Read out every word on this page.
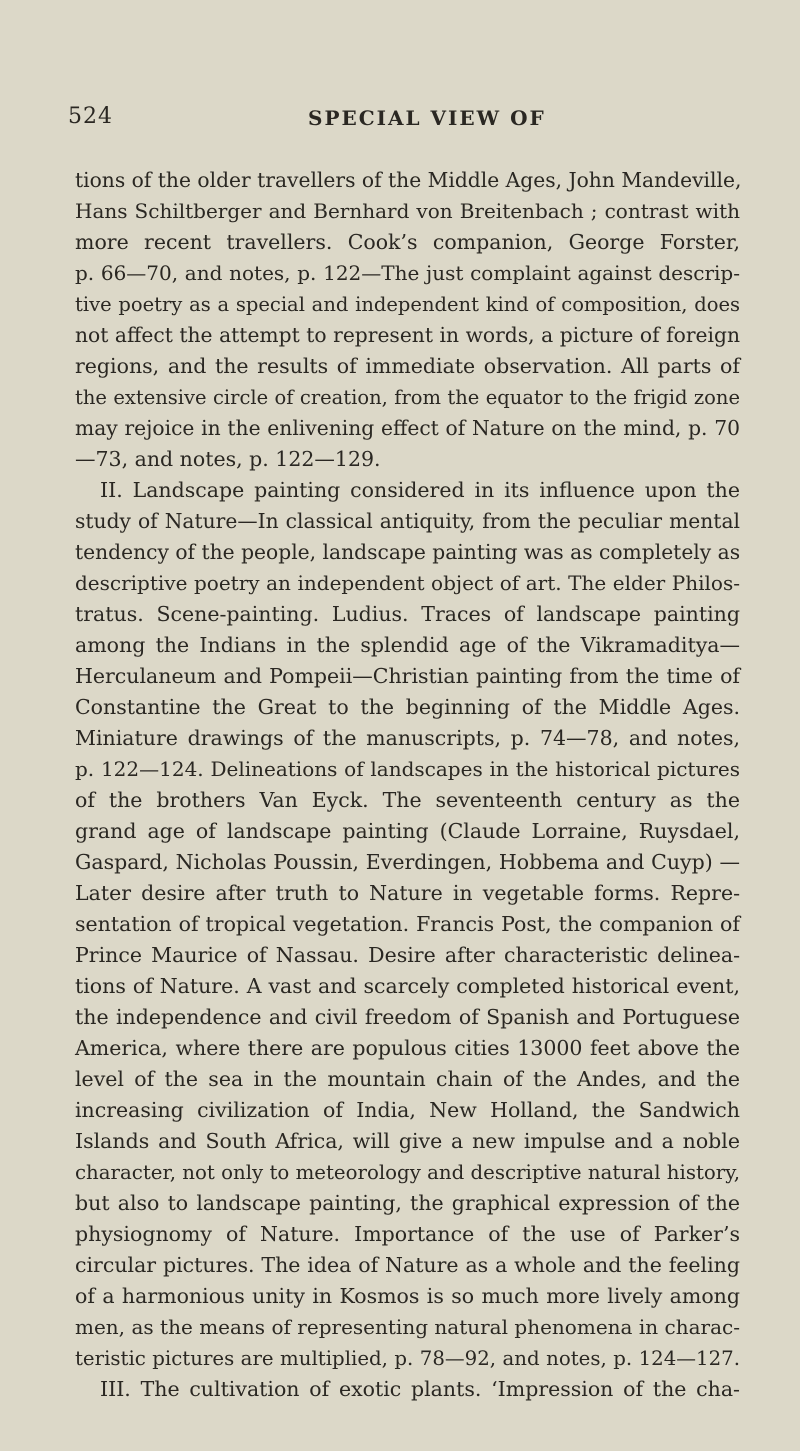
524	SPECIAL VIEW OF
tions of the older travellers of the Middle Ages, John Mandeville,
Hans Schiltberger and Bernhard von Breitenbach ; contrast with
more recent travellers. Cook’s companion, George Forster,
p. 66—70, and notes, p. 122—The just complaint against descrip-
tive poetry as a special and independent kind of composition, does
not affect the attempt to represent in words, a picture of foreign
regions, and the results of immediate observation. All parts of
the extensive circle of creation, from the equator to the frigid zone
may rejoice in the enlivening effect of Nature on the mind, p. 70
—73, and notes, p. 122—129.
II. Landscape painting considered in its influence upon the
study of Nature—In classical antiquity, from the peculiar mental
tendency of the people, landscape painting was as completely as
descriptive poetry an independent object of art. The elder Philos-
tratus. Scene-painting. Ludius. Traces of landscape painting
among the Indians in the splendid age of the Vikramaditya—
Herculaneum and Pompeii—Christian painting from the time of
Constantine the Great to the beginning of the Middle Ages.
Miniature drawings of the manuscripts, p. 74—78, and notes,
p. 122—124. Delineations of landscapes in the historical pictures
of the brothers Van Eyck. The seventeenth century as the
grand age of landscape painting (Claude Lorraine, Ruysdael,
Gaspard, Nicholas Poussin, Everdingen, Hobbema and Cuyp) —
Later desire after truth to Nature in vegetable forms. Repre-
sentation of tropical vegetation. Francis Post, the companion of
Prince Maurice of Nassau. Desire after characteristic delinea-
tions of Nature. A vast and scarcely completed historical event,
the independence and civil freedom of Spanish and Portuguese
America, where there are populous cities 13000 feet above the
level of the sea in the mountain chain of the Andes, and the
increasing civilization of India, New Holland, the Sandwich
Islands and South Africa, will give a new impulse and a noble
character, not only to meteorology and descriptive natural history,
but also to landscape painting, the graphical expression of the
physiognomy of Nature. Importance of the use of Parker’s
circular pictures. The idea of Nature as a whole and the feeling
of a harmonious unity in Kosmos is so much more lively among
men, as the means of representing natural phenomena in charac-
teristic pictures are multiplied, p. 78—92, and notes, p. 124—127.
III. The cultivation of exotic plants. ‘Impression of the cha-
